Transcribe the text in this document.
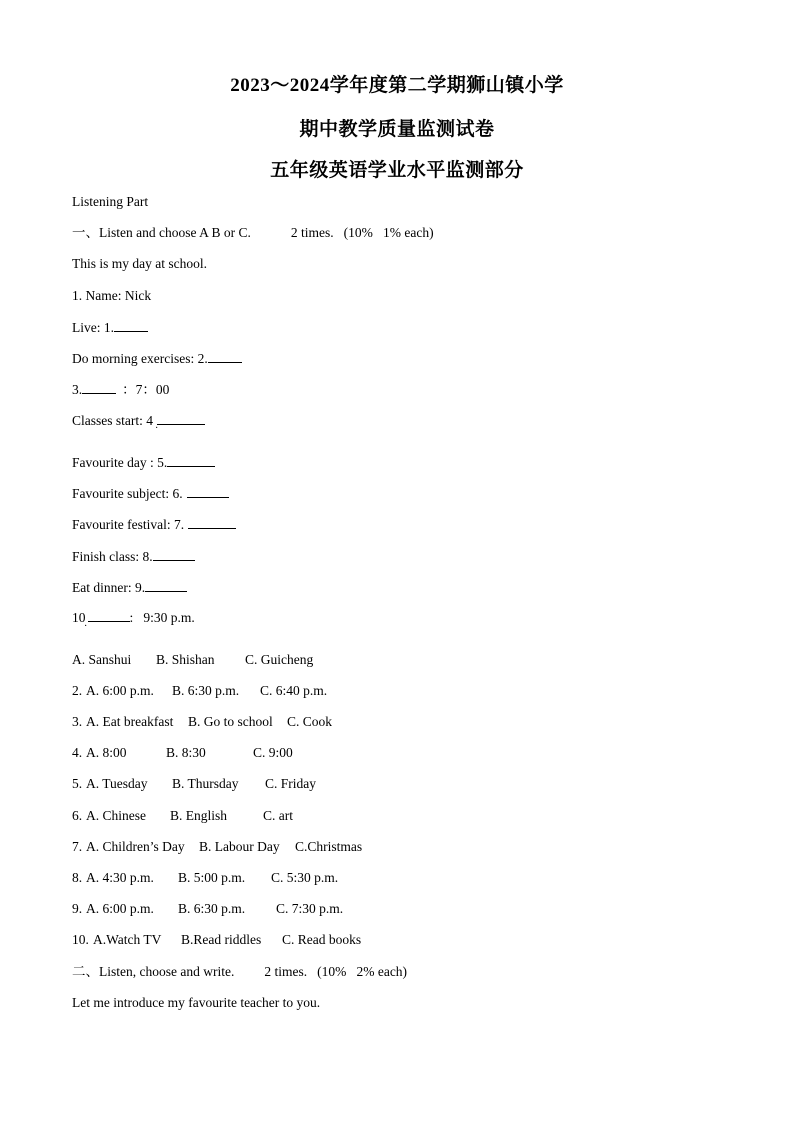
2023～2024学年度第二学期狮山镇小学
期中教学质量监测试卷
五年级英语学业水平监测部分
Listening Part
一、Listen and choose A B or C.	2 times. (10%   1% each)
This is my day at school.
1. Name: Nick
Live: 1.
Do morning exercises: 2.
3.	：7：00
Classes start: 4
·
Favourite day : 5.
Favourite subject: 6.
Favourite festival: 7.
Finish class: 8.
Eat dinner: 9.
10	:   9:30 p.m.
·
A. Sanshui B. Shishan C. Guicheng
2. A. 6:00 p.m. B. 6:30 p.m. C. 6:40 p.m.
3. A. Eat breakfast B. Go to school C. Cook
4. A. 8:00	B. 8:30	C. 9:00
5. A. Tuesday B. Thursday C. Friday
6. A. Chinese B. English	C. art
7. A. Children’s Day B. Labour Day C.Christmas
8. A. 4:30 p.m. B. 5:00 p.m. C. 5:30 p.m.
9. A. 6:00 p.m. B. 6:30 p.m. C. 7:30 p.m.
10. A.Watch TV B.Read riddles C. Read books
二、Listen, choose and write. 2 times. (10%   2% each)
Let me introduce my favourite teacher to you.
